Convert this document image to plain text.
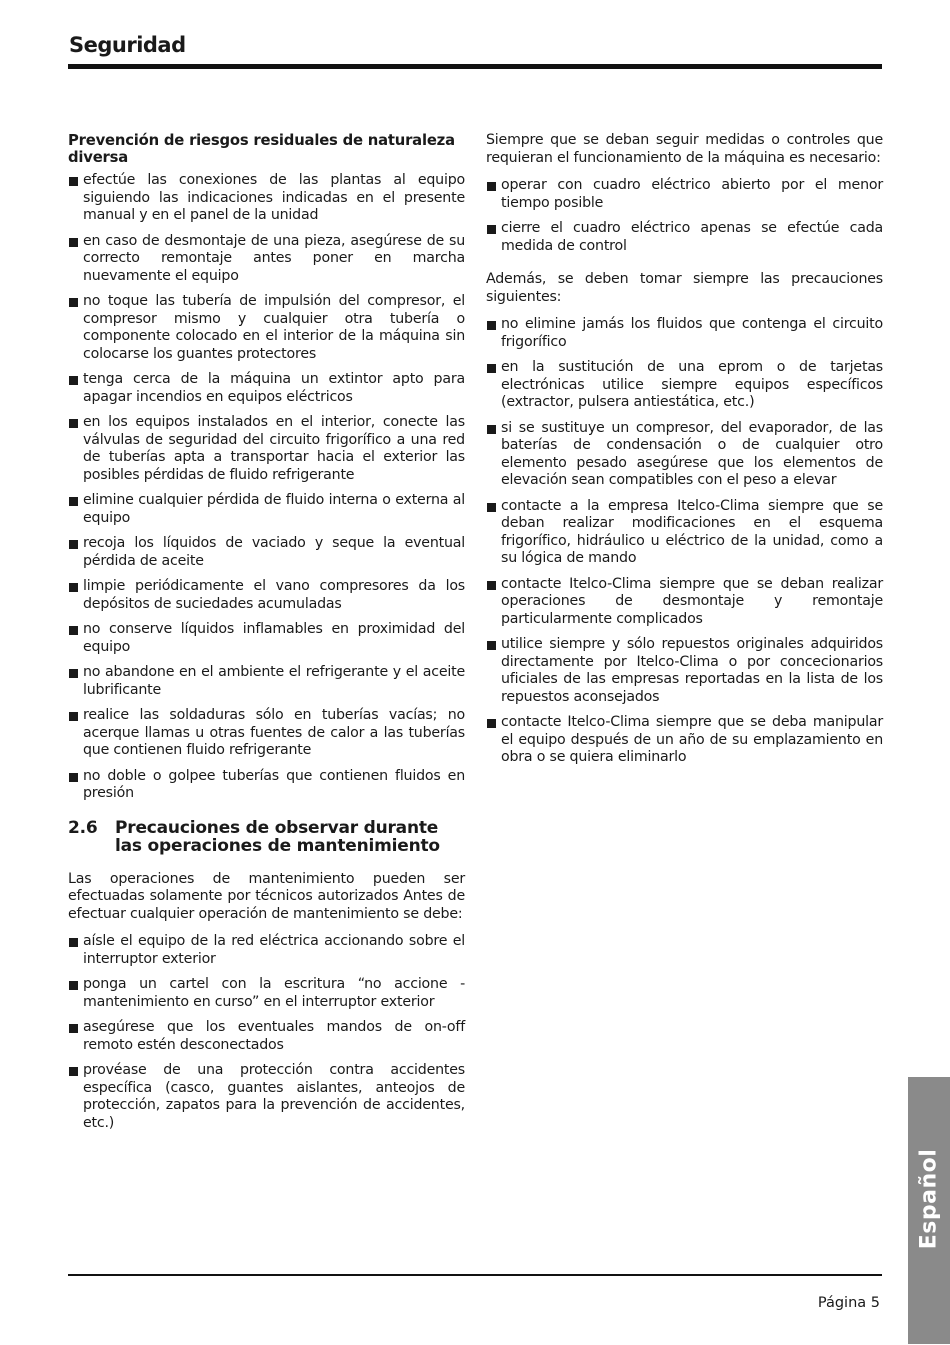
Seguridad
Prevención de riesgos residuales de naturaleza diversa
efectúe las conexiones de las plantas al equipo siguiendo las indicaciones indicadas en el presente manual y en el panel de la unidad
en caso de desmontaje de una pieza, asegúrese de su correcto remontaje antes poner en marcha nuevamente el equipo
no toque las tubería de impulsión del compresor, el compresor mismo y cualquier otra tubería o componente colocado en el interior de la máquina sin colocarse los guantes protectores
tenga cerca de la máquina un extintor apto para apagar incendios en equipos eléctricos
en los equipos instalados en el interior, conecte las válvulas de seguridad del circuito frigorífico a una red de tuberías apta a transportar hacia el exterior las posibles pérdidas de fluido refrigerante
elimine cualquier pérdida de fluido interna o externa al equipo
recoja los líquidos de vaciado y seque la eventual pérdida de aceite
limpie periódicamente el vano compresores da los depósitos de suciedades acumuladas
no conserve líquidos inflamables en proximidad del equipo
no abandone en el ambiente el refrigerante y el aceite lubrificante
realice las soldaduras sólo en tuberías vacías; no acerque llamas u otras fuentes de calor a las tuberías que contienen fluido refrigerante
no doble o golpee tuberías que contienen fluidos en presión
2.6	Precauciones de observar durante las operaciones de mantenimiento

Las operaciones de mantenimiento pueden ser efectuadas solamente por técnicos autorizados Antes de efectuar cualquier operación de mantenimiento se debe:

aísle el equipo de la red eléctrica accionando sobre el interruptor exterior
ponga un cartel con la escritura “no accione - mantenimiento en curso” en el interruptor exterior
asegúrese que los eventuales mandos de on-off remoto estén desconectados
provéase de una protección contra accidentes específica (casco, guantes aislantes, anteojos de protección, zapatos para la prevención de accidentes, etc.)

Siempre que se deban seguir medidas o controles que requieran el funcionamiento de la máquina es necesario:

operar con cuadro eléctrico abierto por el menor tiempo posible
cierre el cuadro eléctrico apenas se efectúe cada medida de control

Además, se deben tomar siempre las precauciones siguientes:

no elimine jamás los fluidos que contenga el circuito frigorífico
en la sustitución de una eprom o de tarjetas electrónicas utilice siempre equipos específicos (extractor, pulsera antiestática, etc.)
si se sustituye un compresor, del evaporador, de las baterías de condensación o de cualquier otro elemento pesado asegúrese que los elementos de elevación sean compatibles con el peso a elevar
contacte a la empresa Itelco-Clima siempre que se deban realizar modificaciones en el esquema frigorífico, hidráulico u eléctrico de la unidad, como a su lógica de mando
contacte Itelco-Clima siempre que se deban realizar operaciones de desmontaje y remontaje particularmente complicados
utilice siempre y sólo repuestos originales adquiridos directamente por Itelco-Clima o por concecionarios uficiales de las empresas reportadas en la lista de los repuestos aconsejados
contacte Itelco-Clima siempre que se deba manipular el equipo después de un año de su emplazamiento en obra o se quiera eliminarlo
Página 5
Español
